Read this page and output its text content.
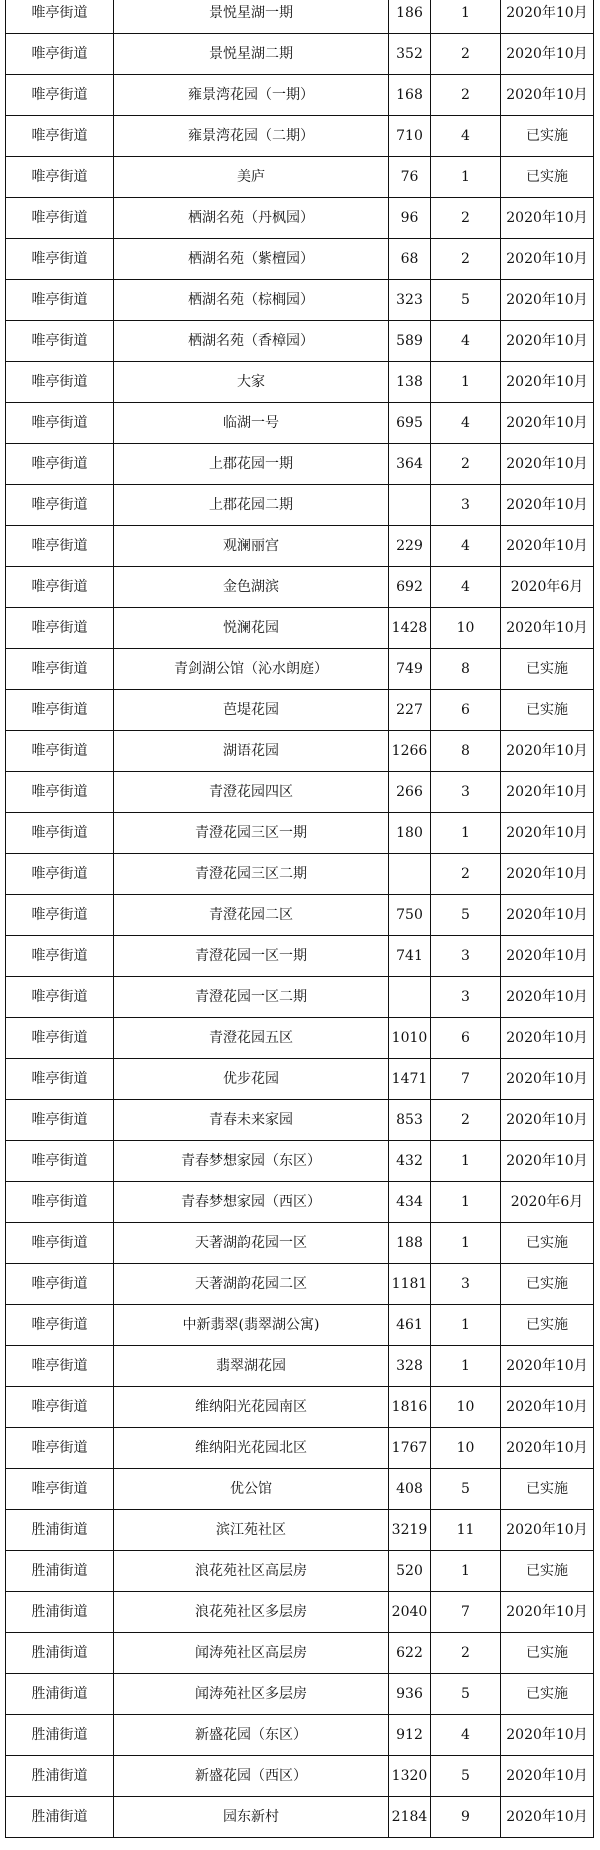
唯亭街道	景悦星湖一期	186	1	2020年10月
唯亭街道	景悦星湖二期	352	2	2020年10月
唯亭街道	雍景湾花园（一期）	168	2	2020年10月
唯亭街道	雍景湾花园（二期）	710	4	已实施
唯亭街道	美庐	76	1	已实施
唯亭街道	栖湖名苑（丹枫园）	96	2	2020年10月
唯亭街道	栖湖名苑（紫檀园）	68	2	2020年10月
唯亭街道	栖湖名苑（棕榈园）	323	5	2020年10月
唯亭街道	栖湖名苑（香樟园）	589	4	2020年10月
唯亭街道	大家	138	1	2020年10月
唯亭街道	临湖一号	695	4	2020年10月
唯亭街道	上郡花园一期	364	2	2020年10月
唯亭街道	上郡花园二期		3	2020年10月
唯亭街道	观澜丽宫	229	4	2020年10月
唯亭街道	金色湖滨	692	4	2020年6月
唯亭街道	悦澜花园	1428	10	2020年10月
唯亭街道	青剑湖公馆（沁水朗庭）	749	8	已实施
唯亭街道	芭堤花园	227	6	已实施
唯亭街道	湖语花园	1266	8	2020年10月
唯亭街道	青澄花园四区	266	3	2020年10月
唯亭街道	青澄花园三区一期	180	1	2020年10月
唯亭街道	青澄花园三区二期		2	2020年10月
唯亭街道	青澄花园二区	750	5	2020年10月
唯亭街道	青澄花园一区一期	741	3	2020年10月
唯亭街道	青澄花园一区二期		3	2020年10月
唯亭街道	青澄花园五区	1010	6	2020年10月
唯亭街道	优步花园	1471	7	2020年10月
唯亭街道	青春未来家园	853	2	2020年10月
唯亭街道	青春梦想家园（东区）	432	1	2020年10月
唯亭街道	青春梦想家园（西区）	434	1	2020年6月
唯亭街道	天著湖韵花园一区	188	1	已实施
唯亭街道	天著湖韵花园二区	1181	3	已实施
唯亭街道	中新翡翠(翡翠湖公寓)	461	1	已实施
唯亭街道	翡翠湖花园	328	1	2020年10月
唯亭街道	维纳阳光花园南区	1816	10	2020年10月
唯亭街道	维纳阳光花园北区	1767	10	2020年10月
唯亭街道	优公馆	408	5	已实施
胜浦街道	滨江苑社区	3219	11	2020年10月
胜浦街道	浪花苑社区高层房	520	1	已实施
胜浦街道	浪花苑社区多层房	2040	7	2020年10月
胜浦街道	闻涛苑社区高层房	622	2	已实施
胜浦街道	闻涛苑社区多层房	936	5	已实施
胜浦街道	新盛花园（东区）	912	4	2020年10月
胜浦街道	新盛花园（西区）	1320	5	2020年10月
胜浦街道	园东新村	2184	9	2020年10月
